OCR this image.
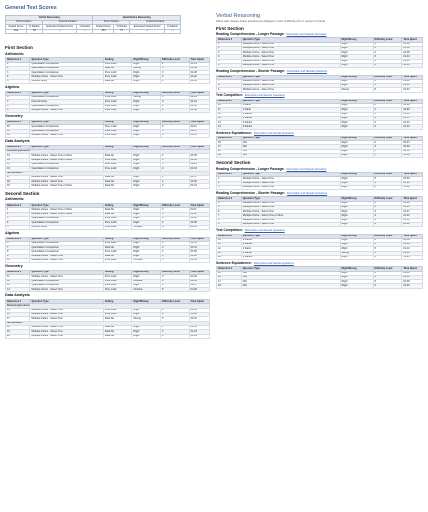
General Test Scores
Verbal Reasoning				Quantitative Reasoning			
Prior Content		Current Content		Prior Content		Current Content	
Scaled Score	% Rankin	Estimated Scaled Score	% Rankin	Scaled Score	% Rankin	Estimated Scaled Score	% Rankin
151	52	—	—	154	57	—	—
First Section
Arithmetic
Reference #	Question Type	Setting	Right/Wrong	Difficulty Level	Time Spent
1	Quantitative Comparison	Pure math	Right	2	01:31
2	Quantitative Comparison	Real life	Wrong	3	01:06
3	Quantitative Comparison	Pure math	Right	3	01:28
4	Multiple-choice - Select One	Pure math	Right	3	01:22
5	Numeric Entry	Real life	Right	4	01:43
Algebra
Reference #	Question Type	Setting	Right/Wrong	Difficulty Level	Time Spent
6	Quantitative Comparison	Pure math	Wrong	3	02:09
7	Numeric Entry	Pure math	Right	3	01:16
8	Quantitative Comparison	Pure math	Right	2	01:52
9	Multiple-choice - Select One	Pure math	Right	4	01:38
Geometry
Reference #	Question Type	Setting	Right/Wrong	Difficulty Level	Time Spent
10	Quantitative Comparison	Pure math	Right	2	02:11
11	Quantitative Comparison	Pure math	Right	3	00:57
12	Multiple-choice - Select One	Pure math	Right	4	01:21
Data Analysis
Reference #	Question Type	Setting	Right/Wrong	Difficulty Level	Time Spent
Discrete Questions					
13	Multiple-choice - Select One or More	Real life	Right	3	01:35
14	Multiple-choice - Select One or More	Pure math	Right	3	02:09
15	Quantitative Comparison	Pure math	Right	3	02:21
16	Quantitative Comparison	Pure math	Right	4	01:16
Set Members					
17	Multiple-choice - Select One	Real life	Right	1	01:07
18	Multiple-choice - Select One	Real life	Right	4	01:45
19	Multiple-choice - Select One or More	Real life	Right	4	01:34
Second Section
Arithmetic
Reference #	Question Type	Setting	Right/Wrong	Difficulty Level	Time Spent
1	Multiple-choice - Select One or More	Real life	Right	3	02:11
2	Multiple-choice - Select One or More	Real life	Right	3	01:11
3	Quantitative Comparison	Pure math	Right	4	01:44
4	Quantitative Comparison	Pure math	Right	4	01:48
5	Numeric Entry	Pure math	Omitted	5	00:52
Algebra
Reference #	Question Type	Setting	Right/Wrong	Difficulty Level	Time Spent
6	Quantitative Comparison	Pure math	Right	3	01:33
7	Quantitative Comparison	Real life	Right	3	01:31
8	Quantitative Comparison	Pure math	Right	4	01:50
9	Multiple-choice - Select One	Real life	Right	4	01:22
10	Multiple-choice - Select One	Pure math	Omitted	5	01:46
Geometry
Reference #	Question Type	Setting	Right/Wrong	Difficulty Level	Time Spent
11	Multiple-choice - Select One	Pure math	Right	3	01:29
12	Quantitative Comparison	Pure math	Omitted	4	02:03
13	Quantitative Comparison	Pure math	Right	4	01:37
14	Multiple-choice - Select One	Pure math	Omitted	5	01:46
Data Analysis
Reference #	Question Type	Setting	Right/Wrong	Difficulty Level	Time Spent
Discrete Questions					
15	Multiple-choice - Select One	Pure math	Right	4	01:02
16	Multiple-choice - Select One	Pure math	Right	4	00:42
17	Multiple-choice - Select One	Real life	Wrong	5	01:01
Set Members					
18	Multiple-choice - Select One	Real life	Right	3	01:43
19	Multiple-choice - Select One	Real life	Right	4	01:23
20	Multiple-choice - Select One	Real life	Right	4	01:04
Verbal Reasoning
Within each category below, questions are displayed in order of difficulty (from 1 (easy) to 5 (hard)).
First Section
Reading Comprehension - Longer Passage: Description and Sample Questions
Reference #	Question Type	Right/Wrong	Difficulty Level	Time Spent
1	Multiple-choice - Select One	Right	1	01:06
2	Multiple-choice - Select One	Right	2	01:55
3	Multiple-choice - Select One	Right	2	01:06
4	Multiple-choice - Select One	Right	3	01:43
5	Multiple-choice - Select One	Right	4	01:10
6	Multiple-choice - Select One	Right	4	01:19
Reading Comprehension - Shorter Passage: Description and Sample Questions
Reference #	Question Type	Right/Wrong	Difficulty Level	Time Spent
7	Multiple-choice - Select One	Right	3	01:48
8	Multiple-choice - Select One	Right	4	01:21
9	Multiple-choice - Select One	Wrong	5	01:34
Text Completion: Description and Sample Questions
Reference #	Question Type	Right/Wrong	Difficulty Level	Time Spent
10	1 blank	Right	2	00:12
11	1 blank	Right	2	00:46
12	2 blanks	Right	3	01:04
13	2 blanks	Right	4	00:57
14	3 blanks	Right	4	01:12
15	3 blanks	Right	5	01:43
Sentence Equivalence: Description and Sample Questions
Reference #	Question Type	Right/Wrong	Difficulty Level	Time Spent
16	N/A	Right	2	00:37
17	N/A	Right	3	00:39
18	N/A	Right	3	00:54
19	N/A	Right	3	01:06
Second Section
Reading Comprehension - Longer Passage: Description and Sample Questions
Reference #	Question Type	Right/Wrong	Difficulty Level	Time Spent
1	Multiple-choice - Select One	Right	5	02:46
2	Multiple-choice - Select One	Right	5	01:41
3	Multiple-choice - Select One	Right	5	01:22
Reading Comprehension - Shorter Passage: Description and Sample Questions
Reference #	Question Type	Right/Wrong	Difficulty Level	Time Spent
4	Multiple-choice - Select One	Right	3	01:26
5	Multiple-choice - Select One	Right	2	00:43
6	Multiple-choice - Select One	Right	3	01:17
7	Multiple-choice - Select One or More	Right	4	01:21
8	Multiple-choice - Select One	Right	4	01:35
9	Multiple-choice - Select One	Right	4	01:06
Text Completion: Description and Sample Questions
Reference #	Question Type	Right/Wrong	Difficulty Level	Time Spent
10	2 blanks	Right	4	00:39
11	2 blanks	Right	4	01:16
12	1 blank	Right	5	01:12
13	3 blanks	Wrong	5	01:21
14	3 blanks	Right	5	01:43
Sentence Equivalence: Description and Sample Questions
Reference #	Question Type	Right/Wrong	Difficulty Level	Time Spent
15	N/A	Right	4	00:41
16	N/A	Right	4	01:05
17	N/A	Right	5	01:09
18	N/A	Right	5	01:04
